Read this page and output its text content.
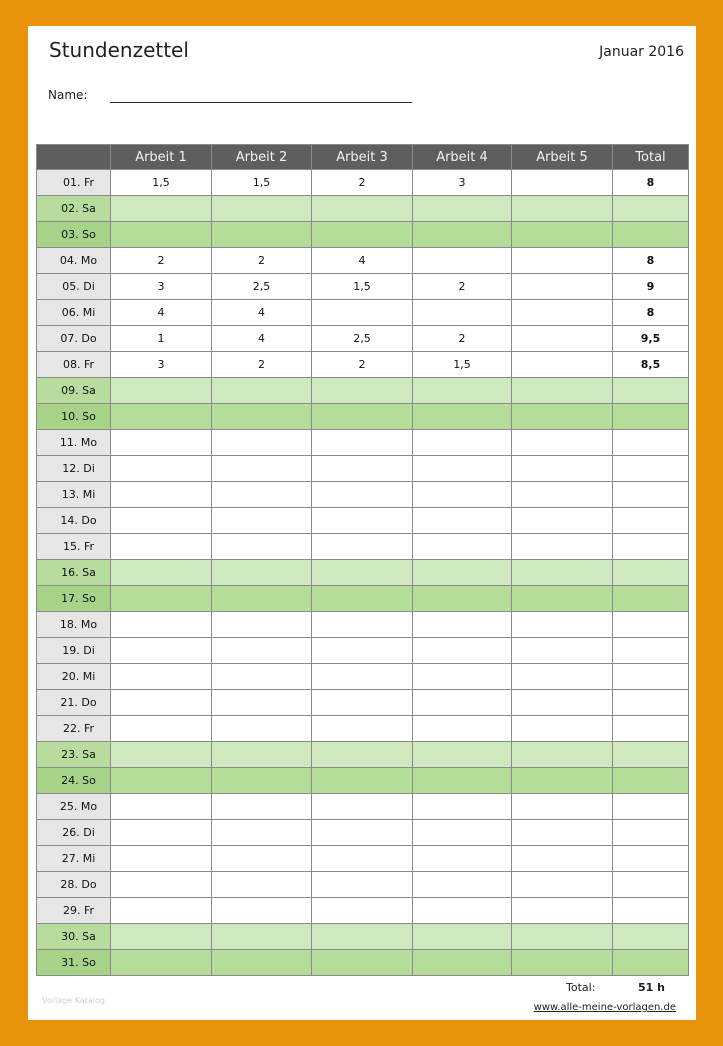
Stundenzettel	Januar 2016
Name:
	Arbeit 1	Arbeit 2	Arbeit 3	Arbeit 4	Arbeit 5	Total
01. Fr	1,5	1,5	2	3		8
02. Sa						
03. So						
04. Mo	2	2	4			8
05. Di	3	2,5	1,5	2		9
06. Mi	4	4				8
07. Do	1	4	2,5	2		9,5
08. Fr	3	2	2	1,5		8,5
09. Sa						
10. So						
11. Mo						
12. Di						
13. Mi						
14. Do						
15. Fr						
16. Sa						
17. So						
18. Mo						
19. Di						
20. Mi						
21. Do						
22. Fr						
23. Sa						
24. So						
25. Mo						
26. Di						
27. Mi						
28. Do						
29. Fr						
30. Sa						
31. So						
Total:	51 h
Vorlage Katalog
www.alle-meine-vorlagen.de
